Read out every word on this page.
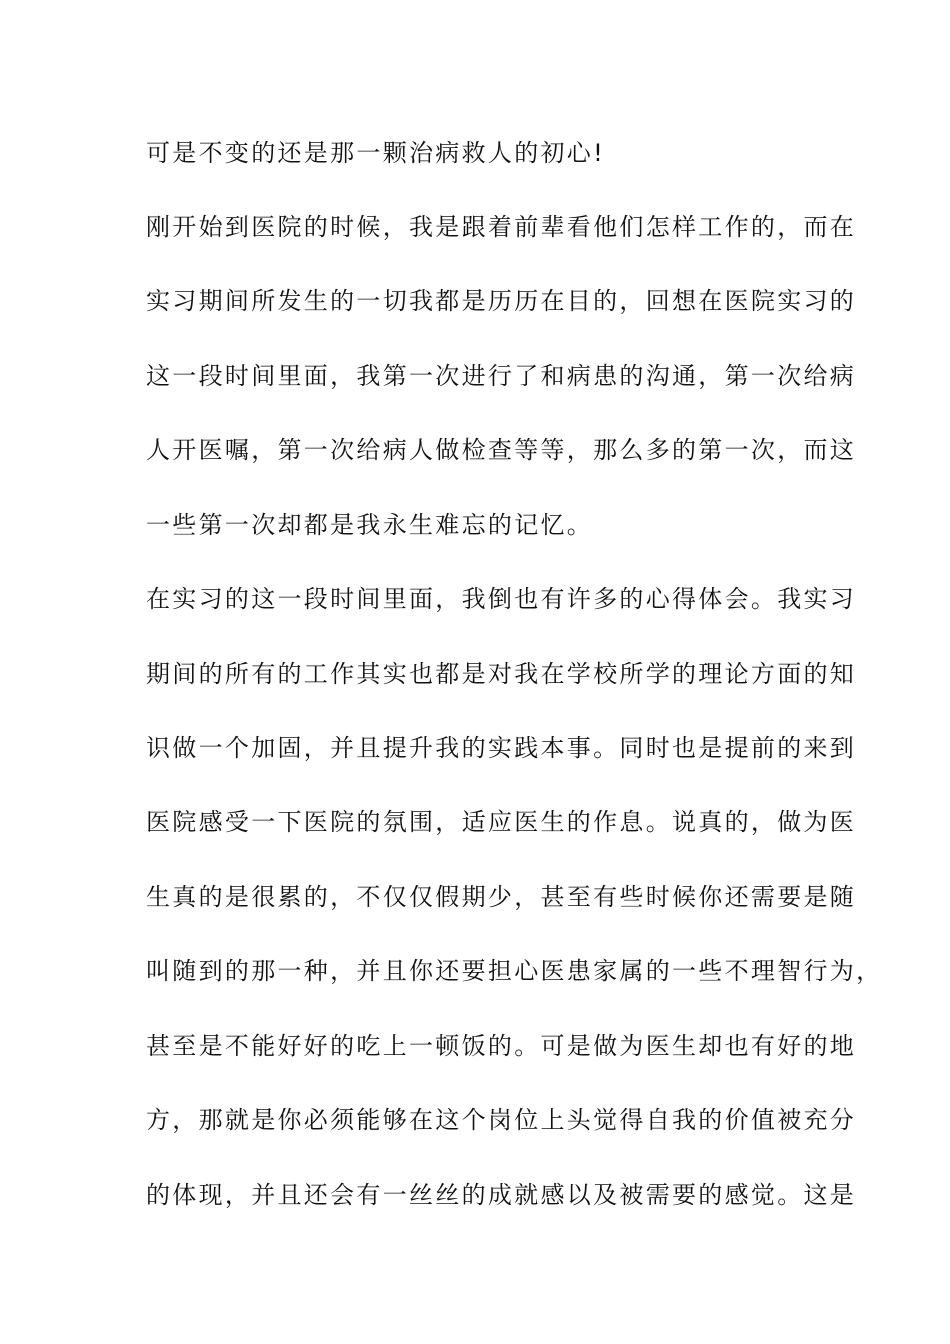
可是不变的还是那一颗治病救人的初心!
刚开始到医院的时候，我是跟着前辈看他们怎样工作的，而在
实习期间所发生的一切我都是历历在目的，回想在医院实习的
这一段时间里面，我第一次进行了和病患的沟通，第一次给病
人开医嘱，第一次给病人做检查等等，那么多的第一次，而这
一些第一次却都是我永生难忘的记忆。
在实习的这一段时间里面，我倒也有许多的心得体会。我实习
期间的所有的工作其实也都是对我在学校所学的理论方面的知
识做一个加固，并且提升我的实践本事。同时也是提前的来到
医院感受一下医院的氛围，适应医生的作息。说真的，做为医
生真的是很累的，不仅仅假期少，甚至有些时候你还需要是随
叫随到的那一种，并且你还要担心医患家属的一些不理智行为，
甚至是不能好好的吃上一顿饭的。可是做为医生却也有好的地
方，那就是你必须能够在这个岗位上头觉得自我的价值被充分
的体现，并且还会有一丝丝的成就感以及被需要的感觉。这是
